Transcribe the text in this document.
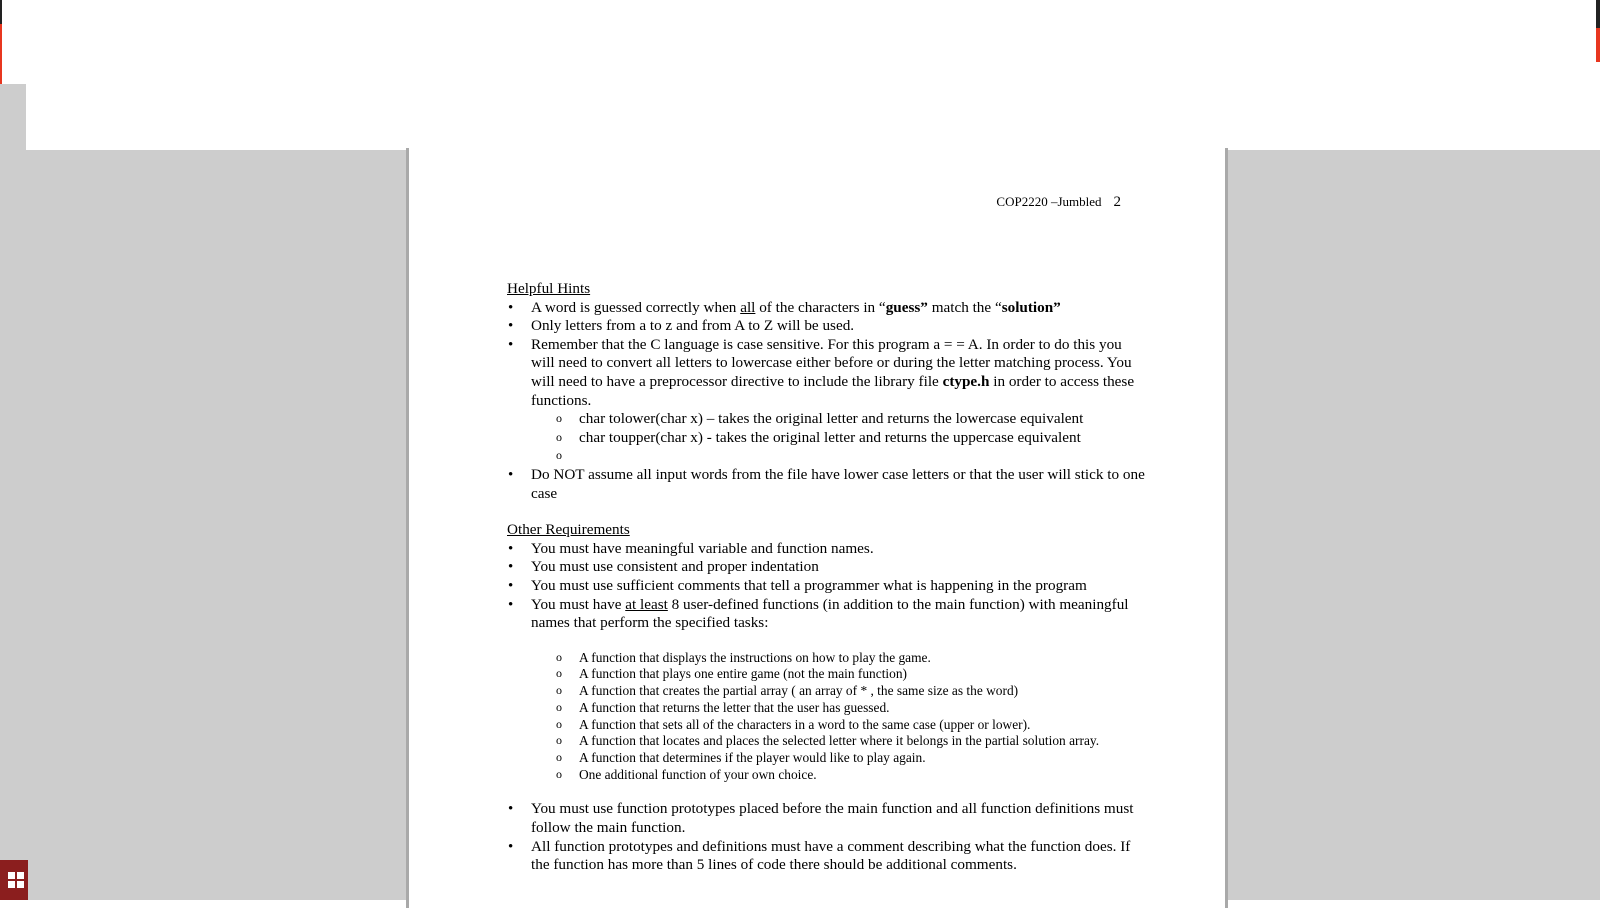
COP2220 –Jumbled 2
Helpful Hints
• A word is guessed correctly when all of the characters in “guess” match the “solution”
• Only letters from a to z and from A to Z will be used.
• Remember that the C language is case sensitive. For this program a = = A. In order to do this you will need to convert all letters to lowercase either before or during the letter matching process. You will need to have a preprocessor directive to include the library file ctype.h in order to access these functions.
o char tolower(char x) – takes the original letter and returns the lowercase equivalent
o char toupper(char x) - takes the original letter and returns the uppercase equivalent
o
• Do NOT assume all input words from the file have lower case letters or that the user will stick to one case
Other Requirements
• You must have meaningful variable and function names.
• You must use consistent and proper indentation
• You must use sufficient comments that tell a programmer what is happening in the program
• You must have at least 8 user-defined functions (in addition to the main function) with meaningful names that perform the specified tasks:
o A function that displays the instructions on how to play the game.
o A function that plays one entire game (not the main function)
o A function that creates the partial array ( an array of * , the same size as the word)
o A function that returns the letter that the user has guessed.
o A function that sets all of the characters in a word to the same case (upper or lower).
o A function that locates and places the selected letter where it belongs in the partial solution array.
o A function that determines if the player would like to play again.
o One additional function of your own choice.
• You must use function prototypes placed before the main function and all function definitions must follow the main function.
• All function prototypes and definitions must have a comment describing what the function does. If the function has more than 5 lines of code there should be additional comments.
